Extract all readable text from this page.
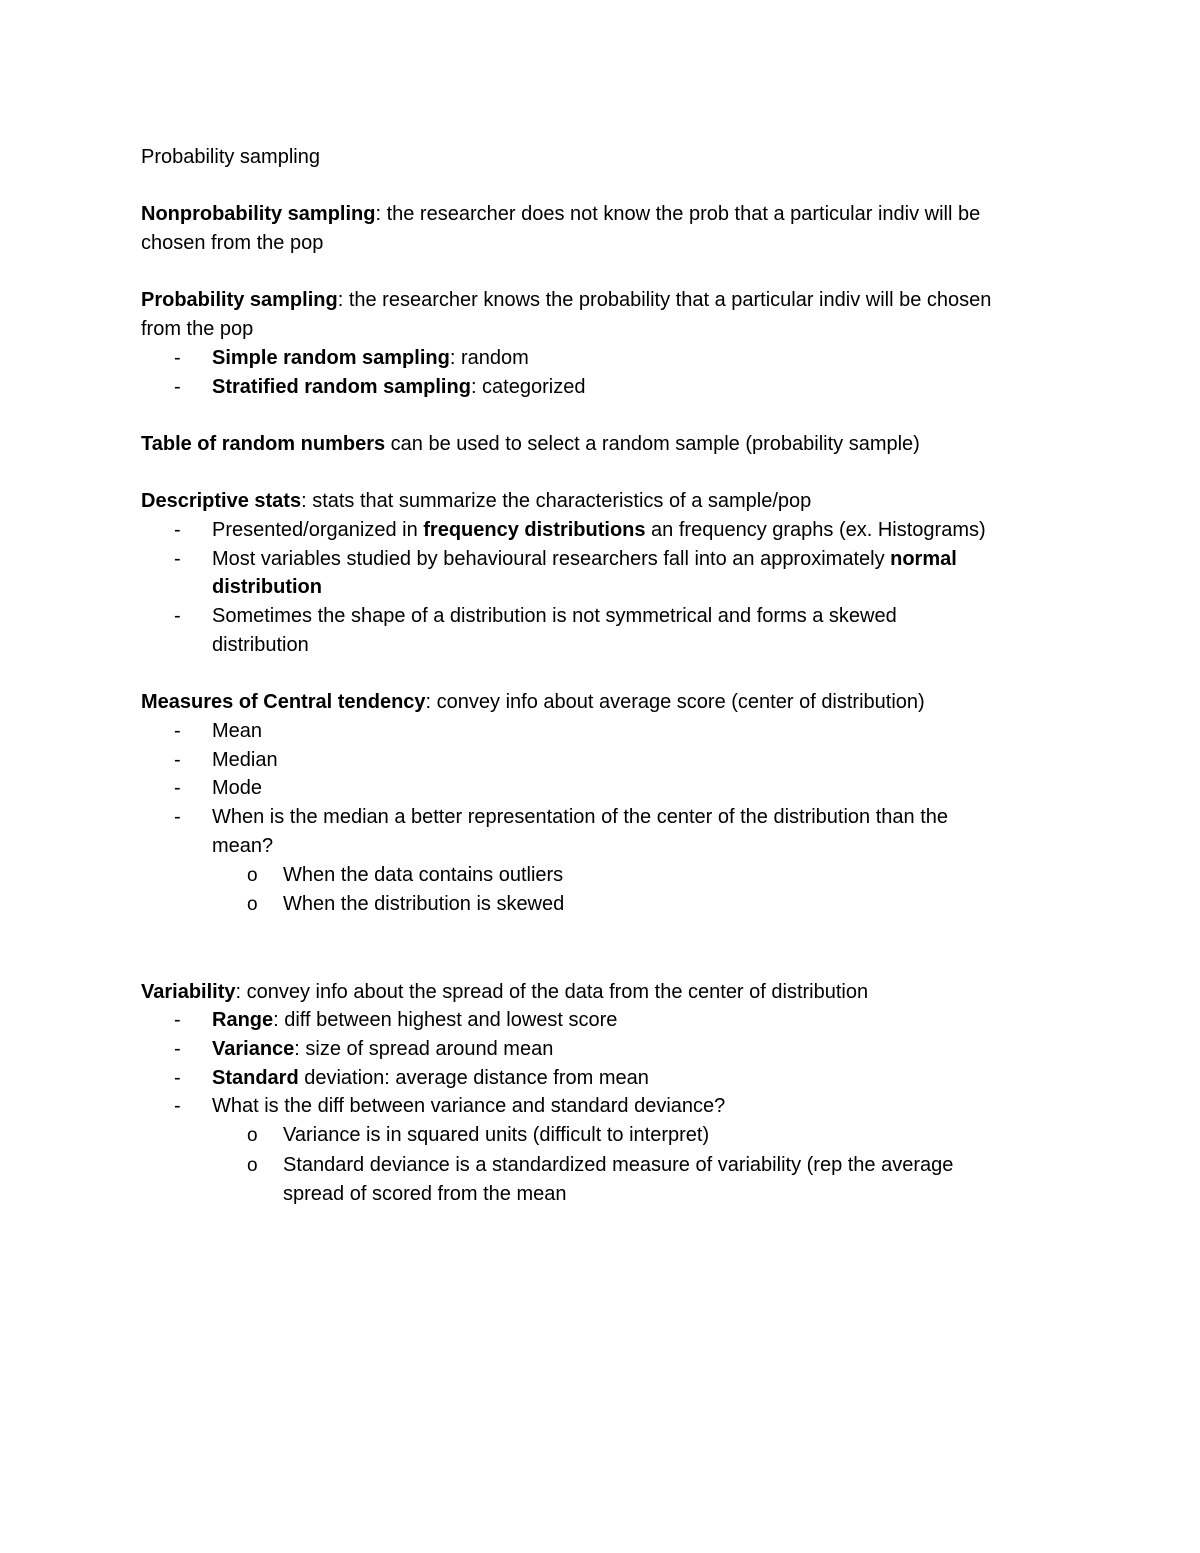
Probability sampling
Nonprobability sampling: the researcher does not know the prob that a particular indiv will be
chosen from the pop
Probability sampling: the researcher knows the probability that a particular indiv will be chosen
from the pop
- Simple random sampling: random
- Stratified random sampling: categorized
Table of random numbers can be used to select a random sample (probability sample)
Descriptive stats: stats that summarize the characteristics of a sample/pop
- Presented/organized in frequency distributions an frequency graphs (ex. Histograms)
- Most variables studied by behavioural researchers fall into an approximately normal
distribution
- Sometimes the shape of a distribution is not symmetrical and forms a skewed
distribution
Measures of Central tendency: convey info about average score (center of distribution)
- Mean
- Median
- Mode
- When is the median a better representation of the center of the distribution than the
mean?
o When the data contains outliers
o When the distribution is skewed
Variability: convey info about the spread of the data from the center of distribution
- Range: diff between highest and lowest score
- Variance: size of spread around mean
- Standard deviation: average distance from mean
- What is the diff between variance and standard deviance?
o Variance is in squared units (difficult to interpret)
o Standard deviance is a standardized measure of variability (rep the average
spread of scored from the mean
